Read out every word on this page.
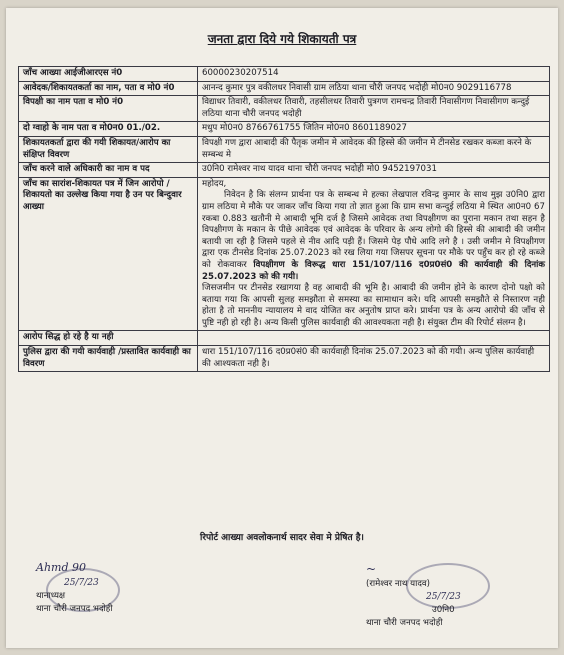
जनता द्वारा दिये गये शिकायती पत्र
जाँच आख्या आईजीआरएस नं0	60000230207514
आवेदक/शिकायतकर्ता का नाम, पता व मो0 नं0	आनन्द कुमार पुत्र वकीलधर निवासी ग्राम लठिया थाना चौरी जनपद भदोही मो0न0 9029116778
विपक्षी का नाम पता व मो0 नं0	विद्याधर तिवारी, वकीलधर तिवारी, तहसीलधर तिवारी पुत्रगण रामचन्द्र तिवारी निवासीगण निवासीगण कन्दुई लठिया थाना चौरी जनपद भदोही
दो ग्वाहो के नाम पता व मो0न0 01./02.	मधुप मो0न0 8766761755 जितिन मो0न0 8601189027
शिकायतकर्ता द्वारा की गयी शिकायत/आरोप का संक्षिप्त विवरण	विपक्षी गण द्वारा आबादी की पैतृक जमीन मे आवेदक की हिस्से की जमीन मे टीनसेड रखकर कब्जा करने के सम्बन्ध मे
जाँच करने वाले अधिकारी का नाम व पद	उ0नि0 रामेश्वर नाथ यादव थाना चौरी जनपद भदोही मो0 9452197031
जाँच का सारांश-शिकायत पत्र में जिन आरोपो /शिकायतो का उल्लेख किया गया है उन पर बिन्दुवार आख्या	महोदय,

निवेदन है कि संलग्न प्रार्थना पत्र के सम्बन्ध मे हल्का लेखपाल रविन्द्र कुमार के साथ मुझ उ0नि0 द्वारा ग्राम लठिया मे मौके पर जाकर जाँच किया गया तो ज्ञात हुआ कि ग्राम सभा कन्दुई लठिया मे स्थित आ0न0 67 रकबा 0.883 खतौनी मे आबादी भूमि दर्ज है जिसमे आवेदक तथा विपक्षीगण का पुराना मकान तथा सहन है विपक्षीगण के मकान के पीछे आवेदक एवं आवेदक के परिवार के अन्य लोगो की हिस्से की आबादी की जमीन बतायी जा रही है जिसमे पहले से नीव आदि पड़ी हैं। जिसमे पेड़ पौधे आदि लगे है । उसी जमीन मे विपक्षीगण द्वारा एक टीनसेड दिनांक 25.07.2023 को रख लिया गया जिसपर सूचना पर मौके पर पहुँच कर हो रहे कब्जे को रोकवाकर विपक्षीगण के विरूद्ध धारा 151/107/116 द0प्र0सं0 की कार्यवाही की दिनांक 25.07.2023 को की गयी।

जिसजमीन पर टीनसेड रखागया है वह आबादी की भूमि है। आबादी की जमीन होने के कारण दोनो पक्षो को बताया गया कि आपसी सुलह समझौता से समस्या का सामाधान करे। यदि आपसी समझौते से निस्तारण नही होता है तो माननीय न्यायालय मे वाद योजित कर अनुतोष प्राप्त करे। प्रार्थना पत्र के अन्य आरोपो की जाँच से पुष्टि नही हो रही है। अन्य किसी पुलिस कार्यवाही की आवश्यकता नही है। संयुक्त टीम की रिपोर्ट संलग्न है।

आरोप सिद्ध हो रहे है या नही	
पुलिस द्वारा की गयी कार्यवाही /प्रस्तावित कार्यवाही का विवरण	धारा 151/107/116 द0प्र0सं0 की कार्यवाही दिनांक 25.07.2023 को की गयी। अन्य पुलिस कार्यवाही की आश्यकता नही है।
रिपोर्ट आख्या अवलोकनार्थ सादर सेवा मे प्रेषित है।
Ahmd 90
25/7/23
थानाध्यक्ष
थाना चौरी जनपद भदोही
~
(रामेश्वर नाथ यादव)
25/7/23
उ0नि0
थाना चौरी जनपद भदोही
